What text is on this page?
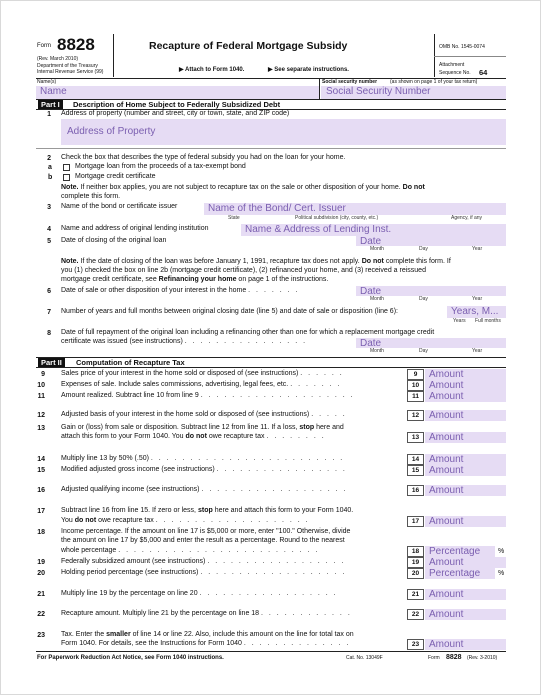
Form 8828
(Rev. March 2010)
Department of the Treasury
Internal Revenue Service (99)
Recapture of Federal Mortgage Subsidy
▶ Attach to Form 1040.	▶ See separate instructions.
OMB No. 1545-0074
Attachment
Sequence No. 64
Name(s)	Social security number	(as shown on page 1 of your tax return)
Name	Social Security Number
Part I	Description of Home Subject to Federally Subsidized Debt
1 Address of property (number and street, city or town, state, and ZIP code)
Address of Property
2 Check the box that describes the type of federal subsidy you had on the loan for your home.
a	Mortgage loan from the proceeds of a tax-exempt bond
b	Mortgage credit certificate
Note. If neither box applies, you are not subject to recapture tax on the sale or other disposition of your home. Do not
complete this form.
3 Name of the bond or certificate issuer	Name of the Bond/ Cert. Issuer
State	Political subdivision (city, county, etc.)	Agency, if any
4 Name and address of original lending institution	Name & Address of Lending Inst.
5 Date of closing of the original loan	Date
Month	Day	Year
Note. If the date of closing of the loan was before January 1, 1991, recapture tax does not apply. Do not complete this form. If
you (1) checked the box on line 2b (mortgage credit certificate), (2) refinanced your home, and (3) received a reissued
mortgage credit certificate, see Refinancing your home on page 1 of the instructions.
6 Date of sale or other disposition of your interest in the home . . . . . . .	Date
Month	Day	Year
7 Number of years and full months between original closing date (line 5) and date of sale or disposition (line 6):	Years, M...
Years Full months
8 Date of full repayment of the original loan including a refinancing other than one for which a replacement mortgage credit
certificate was issued (see instructions) . . . . . . . . . . . . . . . .	Date
Month	Day	Year
Part II	Computation of Recapture Tax
9 Sales price of your interest in the home sold or disposed of (see instructions) . . . . . .	9	Amount
10 Expenses of sale. Include sales commissions, advertising, legal fees, etc. . . . . . . .	10 Amount
11 Amount realized. Subtract line 10 from line 9 . . . . . . . . . . . . . . . . . . . .	11	Amount
12 Adjusted basis of your interest in the home sold or disposed of (see instructions) . . . . .	12 Amount
13 Gain or (loss) from sale or disposition. Subtract line 12 from line 11. If a loss, stop here and
attach this form to your Form 1040. You do not owe recapture tax . . . . . . . .	13 Amount
14 Multiply line 13 by 50% (.50) . . . . . . . . . . . . . . . . . . . . . . . . .	14 Amount
15 Modified adjusted gross income (see instructions) . . . . . . . . . . . . . . . . .	15 Amount
16 Adjusted qualifying income (see instructions) . . . . . . . . . . . . . . . . . . .	16 Amount
17 Subtract line 16 from line 15. If zero or less, stop here and attach this form to your Form 1040.
You do not owe recapture tax . . . . . . . . . . . . . . . . . . . .	17 Amount
18 Income percentage. If the amount on line 17 is $5,000 or more, enter "100." Otherwise, divide
the amount on line 17 by $5,000 and enter the result as a percentage. Round to the nearest
whole percentage . . . . . . . . . . . . . . . . . . . . . . . . . .	18 Percentage	%
19 Federally subsidized amount (see instructions) . . . . . . . . . . . . . . . . . .	19 Amount
20 Holding period percentage (see instructions) . . . . . . . . . . . . . . . . . . .	20 Percentage	%
21 Multiply line 19 by the percentage on line 20 . . . . . . . . . . . . . . . . . .	21 Amount
22 Recapture amount. Multiply line 21 by the percentage on line 18 . . . . . . . . . . . .	22 Amount
23 Tax. Enter the smaller of line 14 or line 22. Also, include this amount on the line for total tax on
Form 1040. For details, see the Instructions for Form 1040 . . . . . . . . . . . . . .	23 Amount
For Paperwork Reduction Act Notice, see Form 1040 instructions.	Cat. No. 13049F	Form 8828 (Rev. 3-2010)
